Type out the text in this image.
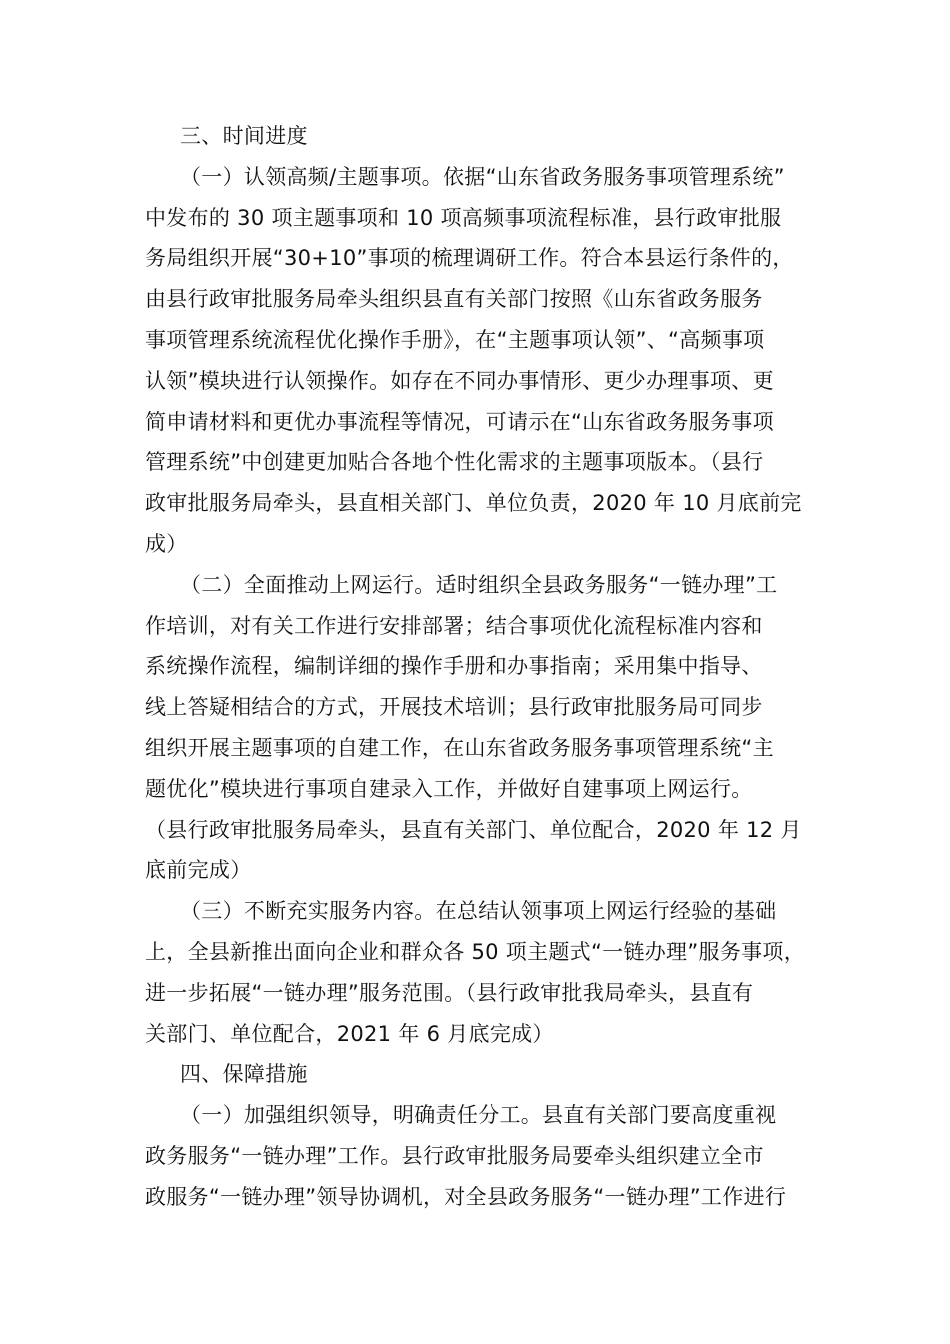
三、时间进度
（一）认领高频/主题事项。依据“山东省政务服务事项管理系统”
中发布的 30 项主题事项和 10 项高频事项流程标准，县行政审批服
务局组织开展“30+10”事项的梳理调研工作。符合本县运行条件的，
由县行政审批服务局牵头组织县直有关部门按照《山东省政务服务
事项管理系统流程优化操作手册》，在“主题事项认领”、“高频事项
认领”模块进行认领操作。如存在不同办事情形、更少办理事项、更
简申请材料和更优办事流程等情况，可请示在“山东省政务服务事项
管理系统”中创建更加贴合各地个性化需求的主题事项版本。（县行
政审批服务局牵头，县直相关部门、单位负责，2020 年 10 月底前完
成）
（二）全面推动上网运行。适时组织全县政务服务“一链办理”工
作培训，对有关工作进行安排部署；结合事项优化流程标准内容和
系统操作流程，编制详细的操作手册和办事指南；采用集中指导、
线上答疑相结合的方式，开展技术培训；县行政审批服务局可同步
组织开展主题事项的自建工作，在山东省政务服务事项管理系统“主
题优化”模块进行事项自建录入工作，并做好自建事项上网运行。
（县行政审批服务局牵头，县直有关部门、单位配合，2020 年 12 月
底前完成）
（三）不断充实服务内容。在总结认领事项上网运行经验的基础
上，全县新推出面向企业和群众各 50 项主题式“一链办理”服务事项，
进一步拓展“一链办理”服务范围。（县行政审批我局牵头，县直有
关部门、单位配合，2021 年 6 月底完成）
四、保障措施
（一）加强组织领导，明确责任分工。县直有关部门要高度重视
政务服务“一链办理”工作。县行政审批服务局要牵头组织建立全市
政服务“一链办理”领导协调机，对全县政务服务“一链办理”工作进行
